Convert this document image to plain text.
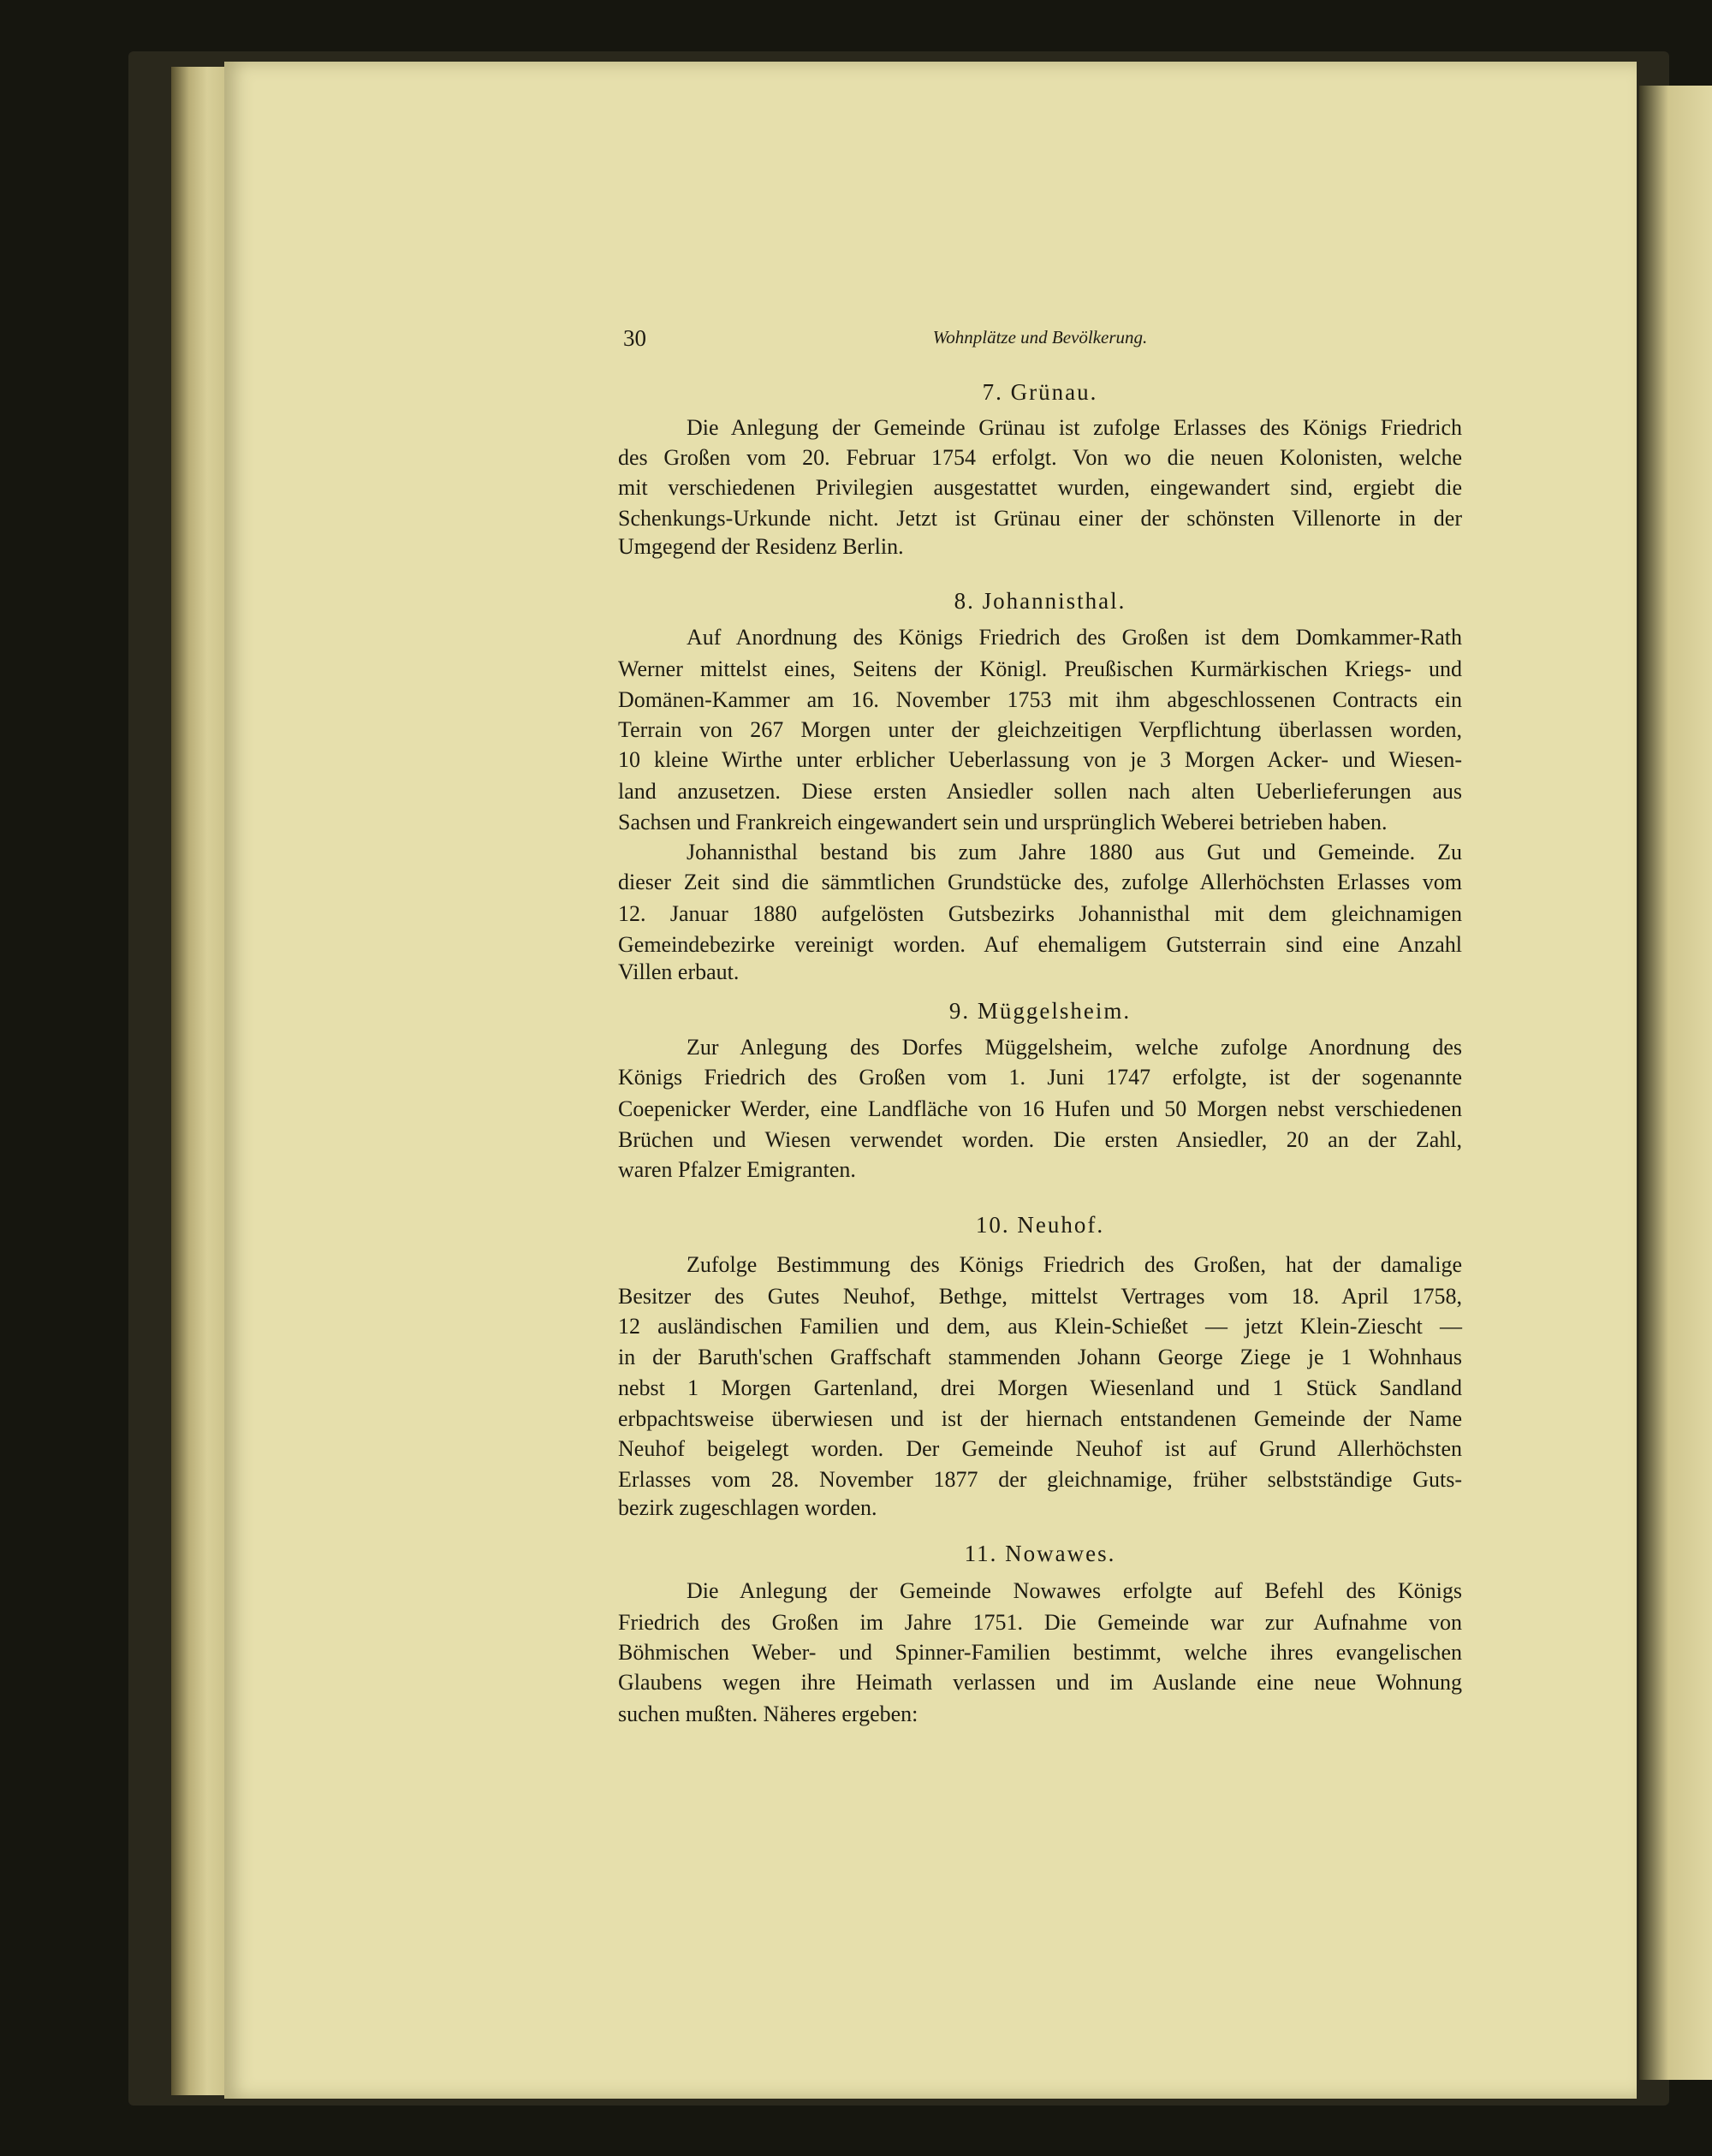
30	Wohnplätze und Bevölkerung.
7. Grünau.
Die Anlegung der Gemeinde Grünau ist zufolge Erlasses des Königs Friedrich
des Großen vom 20. Februar 1754 erfolgt. Von wo die neuen Kolonisten, welche
mit verschiedenen Privilegien ausgestattet wurden, eingewandert sind, ergiebt die
Schenkungs-Urkunde nicht. Jetzt ist Grünau einer der schönsten Villenorte in der
Umgegend der Residenz Berlin.
8. Johannisthal.
Auf Anordnung des Königs Friedrich des Großen ist dem Domkammer-Rath
Werner mittelst eines, Seitens der Königl. Preußischen Kurmärkischen Kriegs- und
Domänen-Kammer am 16. November 1753 mit ihm abgeschlossenen Contracts ein
Terrain von 267 Morgen unter der gleichzeitigen Verpflichtung überlassen worden,
10 kleine Wirthe unter erblicher Ueberlassung von je 3 Morgen Acker- und Wiesen-
land anzusetzen. Diese ersten Ansiedler sollen nach alten Ueberlieferungen aus
Sachsen und Frankreich eingewandert sein und ursprünglich Weberei betrieben haben.
Johannisthal bestand bis zum Jahre 1880 aus Gut und Gemeinde. Zu
dieser Zeit sind die sämmtlichen Grundstücke des, zufolge Allerhöchsten Erlasses vom
12. Januar 1880 aufgelösten Gutsbezirks Johannisthal mit dem gleichnamigen
Gemeindebezirke vereinigt worden. Auf ehemaligem Gutsterrain sind eine Anzahl
Villen erbaut.
9. Müggelsheim.
Zur Anlegung des Dorfes Müggelsheim, welche zufolge Anordnung des
Königs Friedrich des Großen vom 1. Juni 1747 erfolgte, ist der sogenannte
Coepenicker Werder, eine Landfläche von 16 Hufen und 50 Morgen nebst verschiedenen
Brüchen und Wiesen verwendet worden. Die ersten Ansiedler, 20 an der Zahl,
waren Pfalzer Emigranten.
10. Neuhof.
Zufolge Bestimmung des Königs Friedrich des Großen, hat der damalige
Besitzer des Gutes Neuhof, Bethge, mittelst Vertrages vom 18. April 1758,
12 ausländischen Familien und dem, aus Klein-Schießet — jetzt Klein-Ziescht —
in der Baruth'schen Graffschaft stammenden Johann George Ziege je 1 Wohnhaus
nebst 1 Morgen Gartenland, drei Morgen Wiesenland und 1 Stück Sandland
erbpachtsweise überwiesen und ist der hiernach entstandenen Gemeinde der Name
Neuhof beigelegt worden. Der Gemeinde Neuhof ist auf Grund Allerhöchsten
Erlasses vom 28. November 1877 der gleichnamige, früher selbstständige Guts-
bezirk zugeschlagen worden.
11. Nowawes.
Die Anlegung der Gemeinde Nowawes erfolgte auf Befehl des Königs
Friedrich des Großen im Jahre 1751. Die Gemeinde war zur Aufnahme von
Böhmischen Weber- und Spinner-Familien bestimmt, welche ihres evangelischen
Glaubens wegen ihre Heimath verlassen und im Auslande eine neue Wohnung
suchen mußten. Näheres ergeben:
